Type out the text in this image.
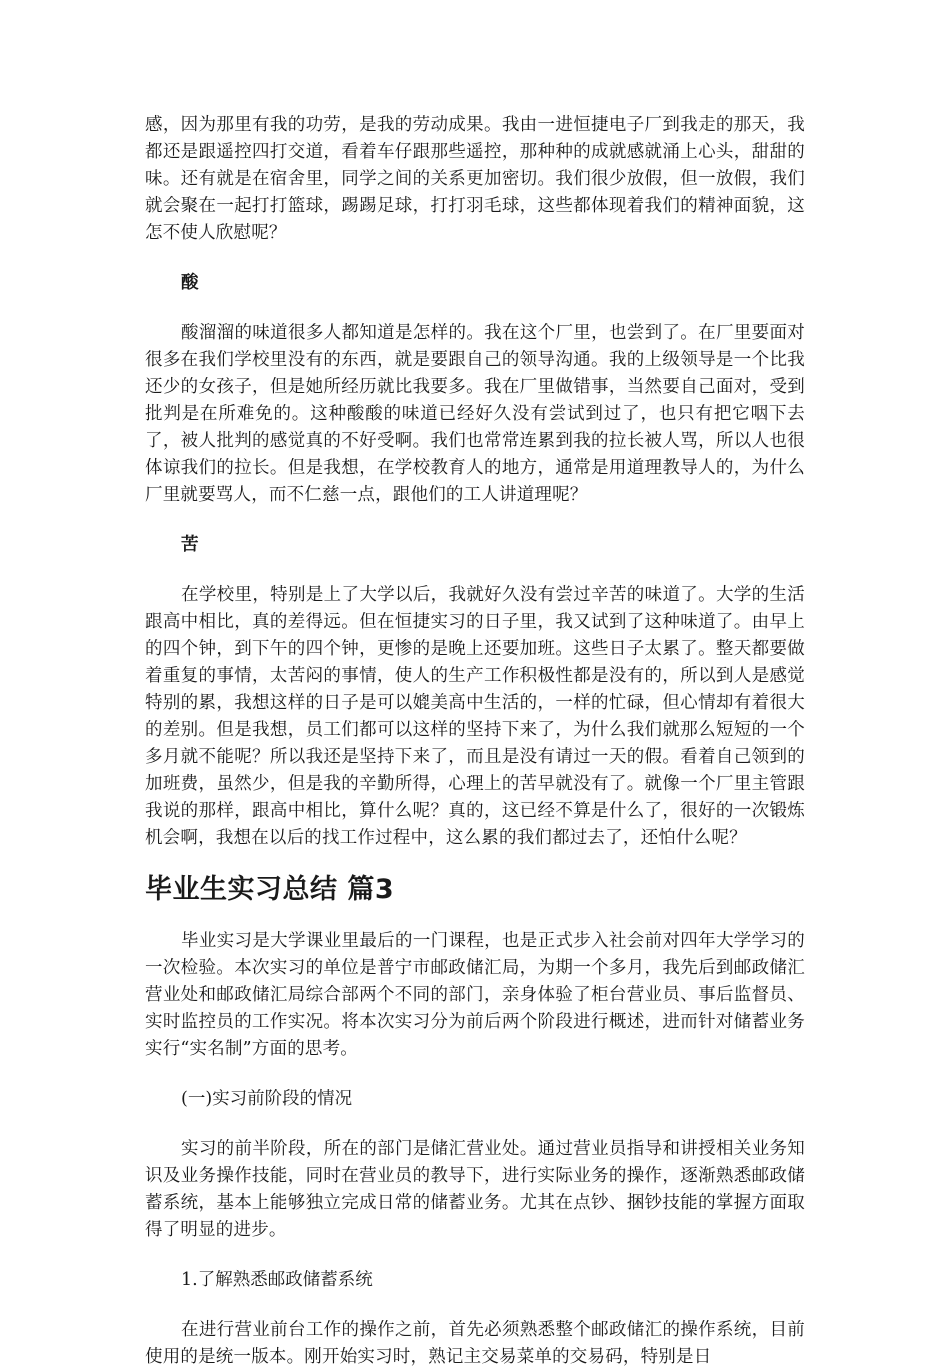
感，因为那里有我的功劳，是我的劳动成果。我由一进恒捷电子厂到我走的那天，我都还是跟遥控四打交道，看着车仔跟那些遥控，那种种的成就感就涌上心头，甜甜的味。还有就是在宿舍里，同学之间的关系更加密切。我们很少放假，但一放假，我们就会聚在一起打打篮球，踢踢足球，打打羽毛球，这些都体现着我们的精神面貌，这怎不使人欣慰呢？

酸

酸溜溜的味道很多人都知道是怎样的。我在这个厂里，也尝到了。在厂里要面对很多在我们学校里没有的东西，就是要跟自己的领导沟通。我的上级领导是一个比我还少的女孩子，但是她所经历就比我要多。我在厂里做错事，当然要自己面对，受到批判是在所难免的。这种酸酸的味道已经好久没有尝试到过了，也只有把它咽下去了，被人批判的感觉真的不好受啊。我们也常常连累到我的拉长被人骂，所以人也很体谅我们的拉长。但是我想，在学校教育人的地方，通常是用道理教导人的，为什么厂里就要骂人，而不仁慈一点，跟他们的工人讲道理呢？

苦

在学校里，特别是上了大学以后，我就好久没有尝过辛苦的味道了。大学的生活跟高中相比，真的差得远。但在恒捷实习的日子里，我又试到了这种味道了。由早上的四个钟，到下午的四个钟，更惨的是晚上还要加班。这些日子太累了。整天都要做着重复的事情，太苦闷的事情，使人的生产工作积极性都是没有的，所以到人是感觉特别的累，我想这样的日子是可以媲美高中生活的，一样的忙碌，但心情却有着很大的差别。但是我想，员工们都可以这样的坚持下来了，为什么我们就那么短短的一个多月就不能呢？所以我还是坚持下来了，而且是没有请过一天的假。看着自己领到的加班费，虽然少，但是我的辛勤所得，心理上的苦早就没有了。就像一个厂里主管跟我说的那样，跟高中相比，算什么呢？真的，这已经不算是什么了，很好的一次锻炼机会啊，我想在以后的找工作过程中，这么累的我们都过去了，还怕什么呢？

毕业生实习总结 篇3

毕业实习是大学课业里最后的一门课程，也是正式步入社会前对四年大学学习的一次检验。本次实习的单位是普宁市邮政储汇局，为期一个多月，我先后到邮政储汇营业处和邮政储汇局综合部两个不同的部门，亲身体验了柜台营业员、事后监督员、实时监控员的工作实况。将本次实习分为前后两个阶段进行概述，进而针对储蓄业务实行“实名制”方面的思考。

(一)实习前阶段的情况

实习的前半阶段，所在的部门是储汇营业处。通过营业员指导和讲授相关业务知识及业务操作技能，同时在营业员的教导下，进行实际业务的操作，逐渐熟悉邮政储蓄系统，基本上能够独立完成日常的储蓄业务。尤其在点钞、捆钞技能的掌握方面取得了明显的进步。

1.了解熟悉邮政储蓄系统

在进行营业前台工作的操作之前，首先必须熟悉整个邮政储汇的操作系统，目前使用的是统一版本。刚开始实习时，熟记主交易菜单的交易码，特别是日
